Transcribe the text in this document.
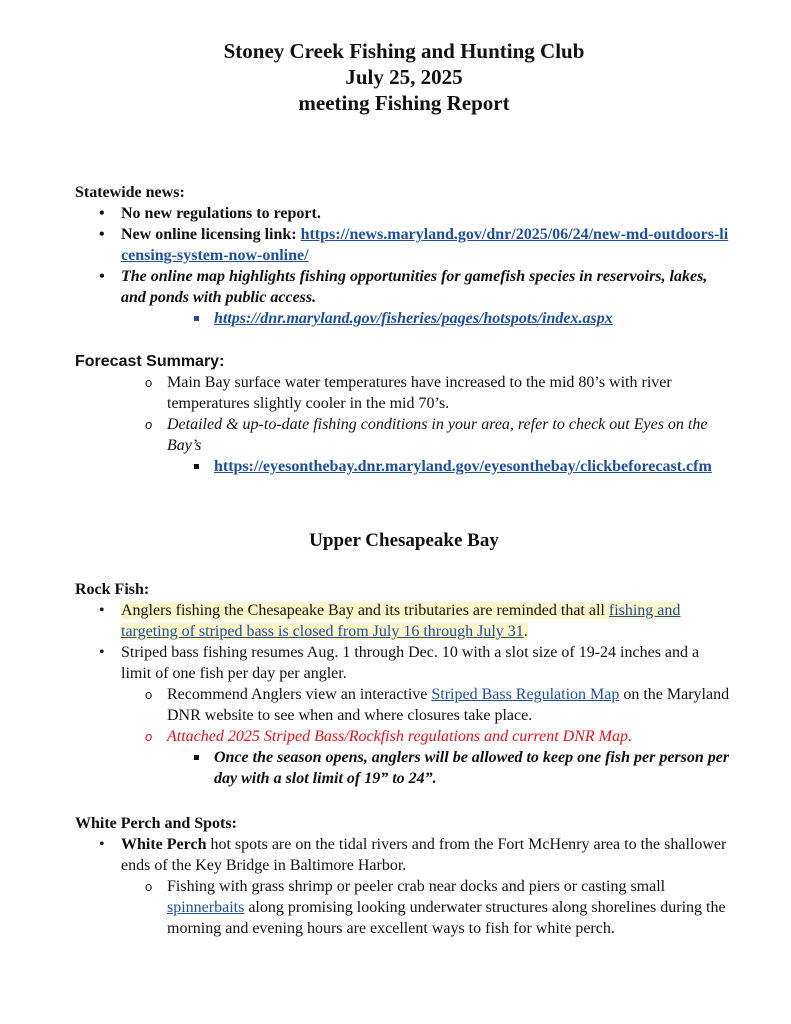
Stoney Creek Fishing and Hunting Club
July 25, 2025
meeting Fishing Report

Statewide news:

• No new regulations to report.
• New online licensing link: https://news.maryland.gov/dnr/2025/06/24/new-md-outdoors-licensing-system-now-online/
• The online map highlights fishing opportunities for gamefish species in reservoirs, lakes, and ponds with public access.
https://dnr.maryland.gov/fisheries/pages/hotspots/index.aspx

Forecast Summary:

o Main Bay surface water temperatures have increased to the mid 80’s with river temperatures slightly cooler in the mid 70’s.
o Detailed & up-to-date fishing conditions in your area, refer to check out Eyes on the Bay’s
https://eyesonthebay.dnr.maryland.gov/eyesonthebay/clickbeforecast.cfm
Upper Chesapeake Bay

Rock Fish:

• Anglers fishing the Chesapeake Bay and its tributaries are reminded that all fishing and targeting of striped bass is closed from July 16 through July 31.
• Striped bass fishing resumes Aug. 1 through Dec. 10 with a slot size of 19-24 inches and a limit of one fish per day per angler.
o Recommend Anglers view an interactive Striped Bass Regulation Map on the Maryland DNR website to see when and where closures take place.
o Attached 2025 Striped Bass/Rockfish regulations and current DNR Map.
Once the season opens, anglers will be allowed to keep one fish per person per day with a slot limit of 19” to 24”.

White Perch and Spots:

• White Perch hot spots are on the tidal rivers and from the Fort McHenry area to the shallower ends of the Key Bridge in Baltimore Harbor.
o Fishing with grass shrimp or peeler crab near docks and piers or casting small spinnerbaits along promising looking underwater structures along shorelines during the morning and evening hours are excellent ways to fish for white perch.
